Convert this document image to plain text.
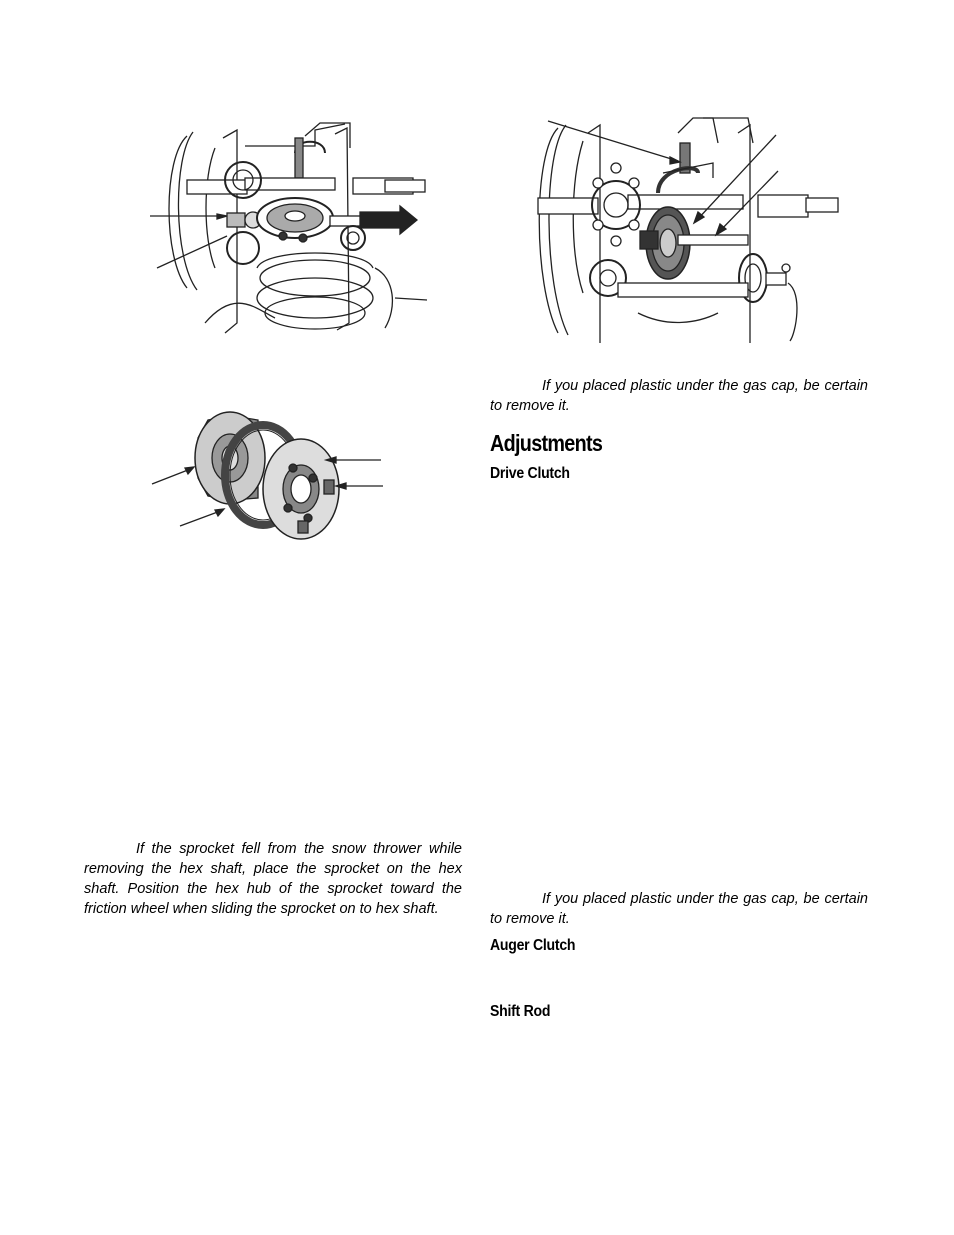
If you placed plastic under the gas cap, be certain to remove it.
Adjustments
Drive Clutch
If the sprocket fell from the snow thrower while removing the hex shaft, place the sprocket on the hex shaft. Position the hex hub of the sprocket toward the friction wheel when sliding the sprocket on to hex shaft.
If you placed plastic under the gas cap, be certain to remove it.
Auger Clutch
Shift Rod
